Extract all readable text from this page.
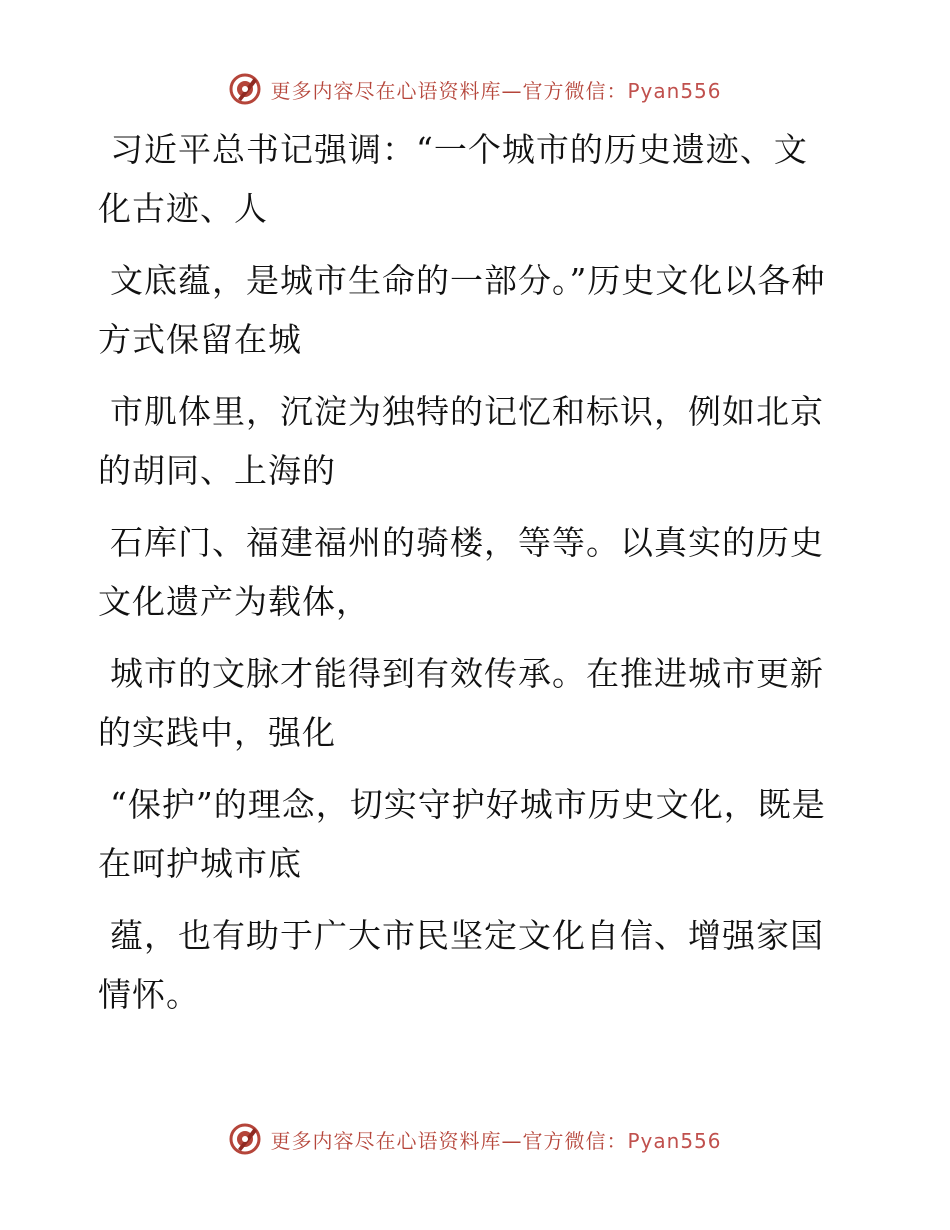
更多内容尽在心语资料库—官方微信：Pyan556

习近平总书记强调：“一个城市的历史遗迹、文化古迹、人

文底蕴，是城市生命的一部分。”历史文化以各种方式保留在城

市肌体里，沉淀为独特的记忆和标识，例如北京的胡同、上海的

石库门、福建福州的骑楼，等等。以真实的历史文化遗产为载体，

城市的文脉才能得到有效传承。在推进城市更新的实践中，强化

“保护”的理念，切实守护好城市历史文化，既是在呵护城市底

蕴，也有助于广大市民坚定文化自信、增强家国情怀。

更多内容尽在心语资料库—官方微信：Pyan556
